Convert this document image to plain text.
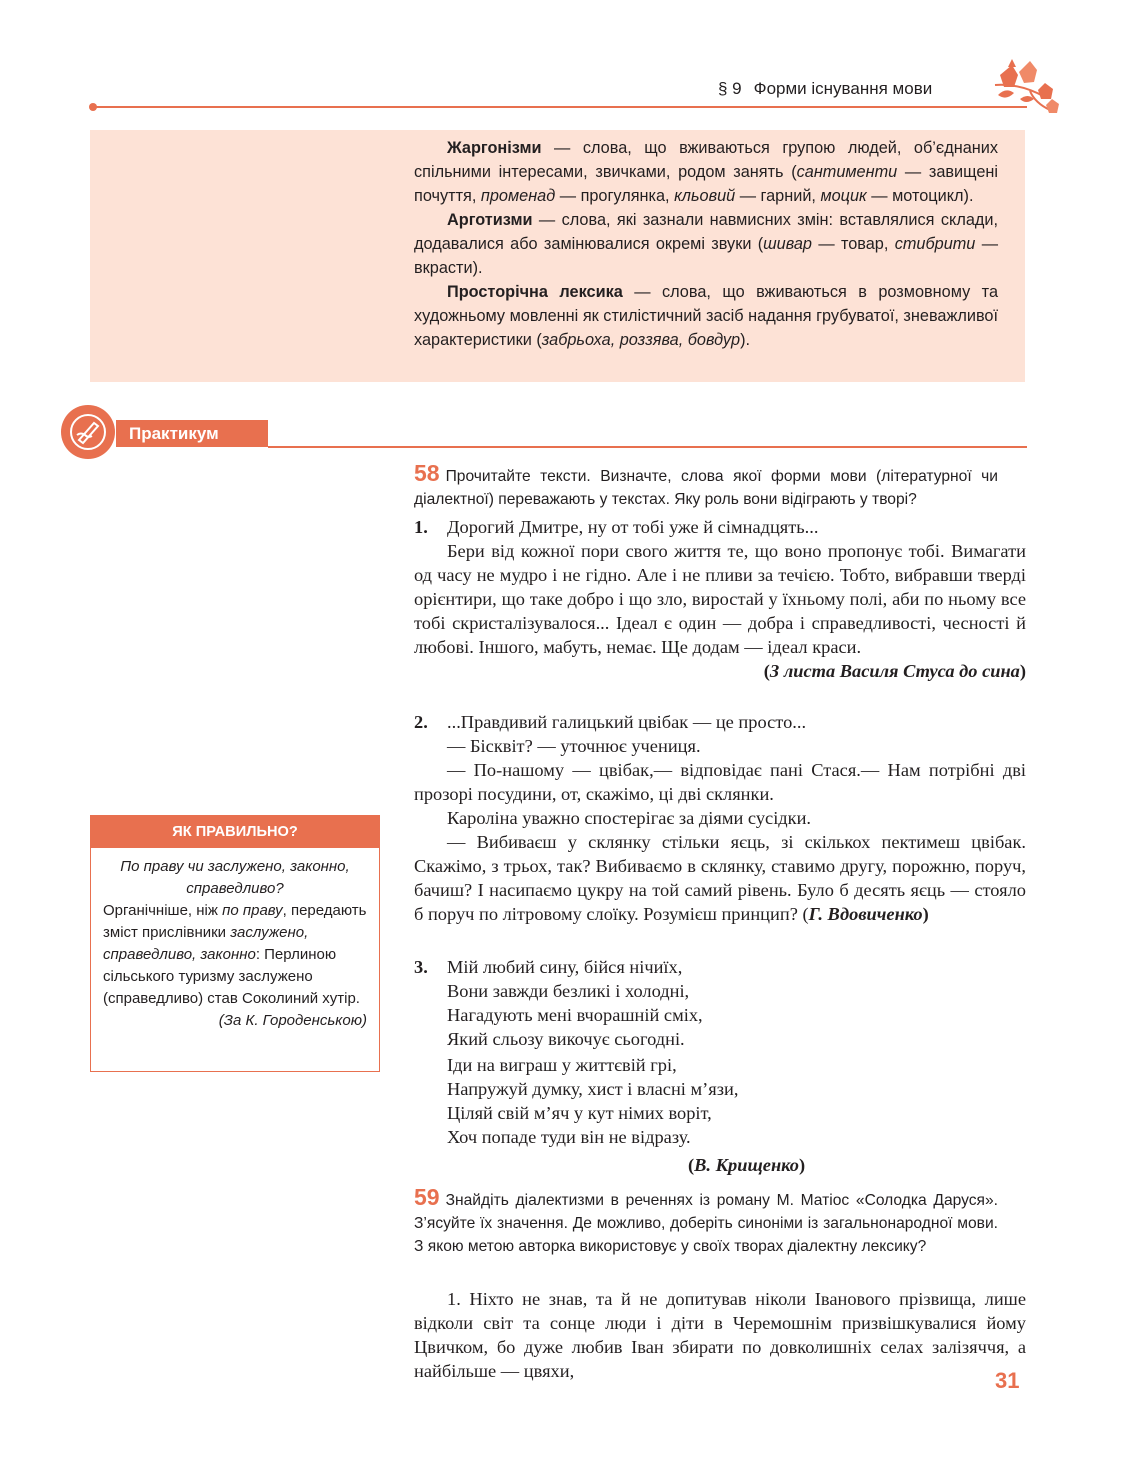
§ 9 Форми існування мови

Жаргонізми — слова, що вживаються групою людей, об’єднаних спільними інтересами, звичками, родом занять (сантименти — завищені почуття, променад — прогулянка, кльовий — гарний, моцик — мотоцикл).

Арготизми — слова, які зазнали навмисних змін: вставлялися склади, додавалися або замінювалися окремі звуки (шивар — товар, стибрити — вкрасти).

Просторічна лексика — слова, що вживаються в розмовному та художньому мовленні як стилістичний засіб надання грубуватої, зневажливої характеристики (забрьоха, роззява, бовдур).

Практикум
58 Прочитайте тексти. Визначте, слова якої форми мови (літературної чи діалектної) переважають у текстах. Яку роль вони відіграють у творі?

1. Дорогий Дмитре, ну от тобі уже й сімнадцять...

Бери від кожної пори свого життя те, що воно пропонує тобі. Вимагати од часу не мудро і не гідно. Але і не пливи за течією. Тобто, вибравши тверді орієнтири, що таке добро і що зло, виростай у їхньому полі, аби по ньому все тобі скристалізувалося... Ідеал є один — добра і справедливості, чесності й любові. Іншого, мабуть, немає. Ще додам — ідеал краси.

(З листа Василя Стуса до сина)

2. ...Правдивий галицький цвібак — це просто...

— Бісквіт? — уточнює учениця.

— По-нашому — цвібак,— відповідає пані Стася.— Нам потрібні дві прозорі посудини, от, скажімо, ці дві склянки.

Кароліна уважно спостерігає за діями сусідки.

— Вибиваєш у склянку стільки яєць, зі скількох пектимеш цвібак. Скажімо, з трьох, так? Вибиваємо в склянку, ставимо другу, порожню, поруч, бачиш? І насипаємо цукру на той самий рівень. Було б десять яєць — стояло б поруч по літровому слоїку. Розумієш принцип? (Г. Вдовиченко)

3.	Мій любий сину, бійся нічиїх,

Вони завжди безликі і холодні,

Нагадують мені вчорашній сміх,

Який сльозу викочує сьогодні.

Іди на виграш у життєвій грі,

Напружуй думку, хист і власні м’язи,

Ціляй свій м’яч у кут німих воріт,

Хоч попаде туди він не відразу.

(В. Крищенко)

59 Знайдіть діалектизми в реченнях із роману М. Матіос «Солодка Даруся». З’ясуйте їх значення. Де можливо, доберіть синоніми із загальнонародної мови. З якою метою авторка використовує у своїх творах діалектну лексику?

1. Ніхто не знав, та й не допитував ніколи Іванового прізвища, лише відколи світ та сонце люди і діти в Черемошнім призвішкувалися йому Цвичком, бо дуже любив Іван збирати по довколишніх селах залізяччя, а найбільше — цвяхи,

ЯК ПРАВИЛЬНО?

По праву чи заслужено, законно, справедливо?

Органічніше, ніж по праву, передають зміст прислівники заслужено, справедливо, законно: Перлиною сільського туризму заслужено (справедливо) став Соколиний хутір.

(За К. Городенською)

31
